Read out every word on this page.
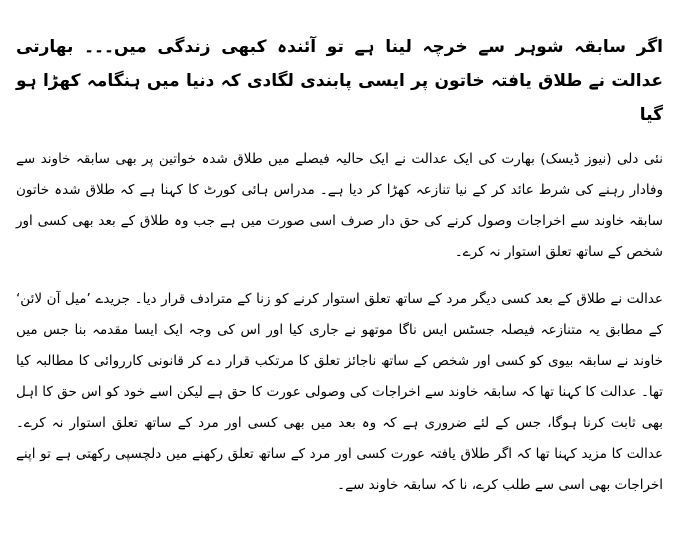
اگر سابقہ شوہر سے خرچہ لینا ہے تو آئندہ کبھی زندگی میں۔۔۔ بھارتی عدالت نے طلاق یافتہ خاتون پر ایسی پابندی لگادی کہ دنیا میں ہنگامہ کھڑا ہو گیا

نئی دلی (نیوز ڈیسک) بھارت کی ایک عدالت نے ایک حالیہ فیصلے میں طلاق شدہ خواتین پر بھی سابقہ خاوند سے وفادار رہنے کی شرط عائد کر کے نیا تنازعہ کھڑا کر دیا ہے۔ مدراس ہائی کورٹ کا کہنا ہے کہ طلاق شدہ خاتون سابقہ خاوند سے اخراجات وصول کرنے کی حق دار صرف اسی صورت میں ہے جب وہ طلاق کے بعد بھی کسی اور شخص کے ساتھ تعلق استوار نہ کرے۔

عدالت نے طلاق کے بعد کسی دیگر مرد کے ساتھ تعلق استوار کرنے کو زنا کے مترادف قرار دیا۔ جریدے ’میل آن لائن‘ کے مطابق یہ متنازعہ فیصلہ جسٹس ایس ناگا موتھو نے جاری کیا اور اس کی وجہ ایک ایسا مقدمہ بنا جس میں خاوند نے سابقہ بیوی کو کسی اور شخص کے ساتھ ناجائز تعلق کا مرتکب قرار دے کر قانونی کارروائی کا مطالبہ کیا تھا۔ عدالت کا کہنا تھا کہ سابقہ خاوند سے اخراجات کی وصولی عورت کا حق ہے لیکن اسے خود کو اس حق کا اہل بھی ثابت کرنا ہوگا، جس کے لئے ضروری ہے کہ وہ بعد میں بھی کسی اور مرد کے ساتھ تعلق استوار نہ کرے۔ عدالت کا مزید کہنا تھا کہ اگر طلاق یافتہ عورت کسی اور مرد کے ساتھ تعلق رکھنے میں دلچسپی رکھتی ہے تو اپنے اخراجات بھی اسی سے طلب کرے، نا کہ سابقہ خاوند سے۔
